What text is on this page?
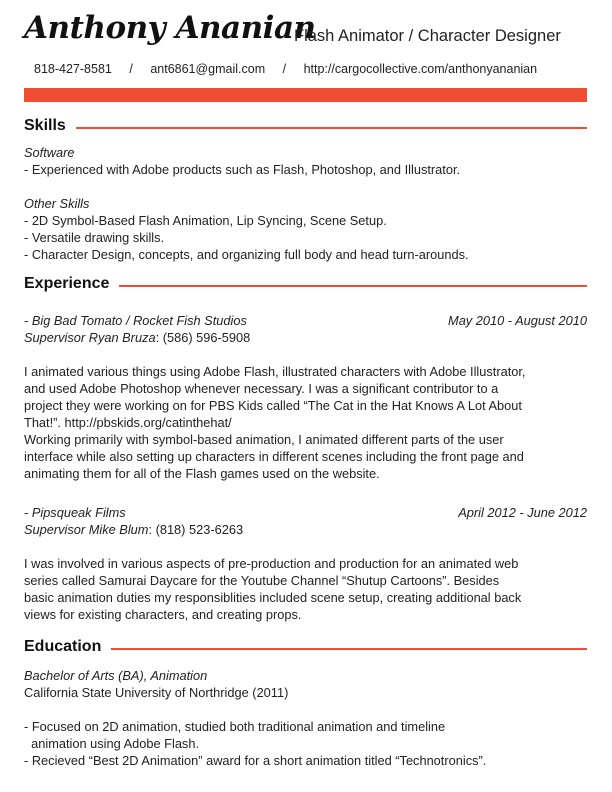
Anthony Ananian
Flash Animator / Character Designer
818-427-8581 / ant6861@gmail.com / http://cargocollective.com/anthonyananian
Skills
Software
- Experienced with Adobe products such as Flash, Photoshop, and Illustrator.
Other Skills
- 2D Symbol-Based Flash Animation, Lip Syncing, Scene Setup.
- Versatile drawing skills.
- Character Design, concepts, and organizing full body and head turn-arounds.
Experience
- Big Bad Tomato / Rocket Fish Studios	May 2010 - August 2010
Supervisor Ryan Bruza: (586) 596-5908
I animated various things using Adobe Flash, illustrated characters with Adobe Illustrator,
and used Adobe Photoshop whenever necessary. I was a significant contributor to a
project they were working on for PBS Kids called “The Cat in the Hat Knows A Lot About
That!”. http://pbskids.org/catinthehat/
Working primarily with symbol-based animation, I animated different parts of the user
interface while also setting up characters in different scenes including the front page and
animating them for all of the Flash games used on the website.
- Pipsqueak Films	April 2012 - June 2012
Supervisor Mike Blum: (818) 523-6263
I was involved in various aspects of pre-production and production for an animated web
series called Samurai Daycare for the Youtube Channel “Shutup Cartoons”. Besides
basic animation duties my responsiblities included scene setup, creating additional back
views for existing characters, and creating props.
Education
Bachelor of Arts (BA), Animation
California State University of Northridge (2011)
- Focused on 2D animation, studied both traditional animation and timeline
animation using Adobe Flash.
- Recieved “Best 2D Animation” award for a short animation titled “Technotronics”.
